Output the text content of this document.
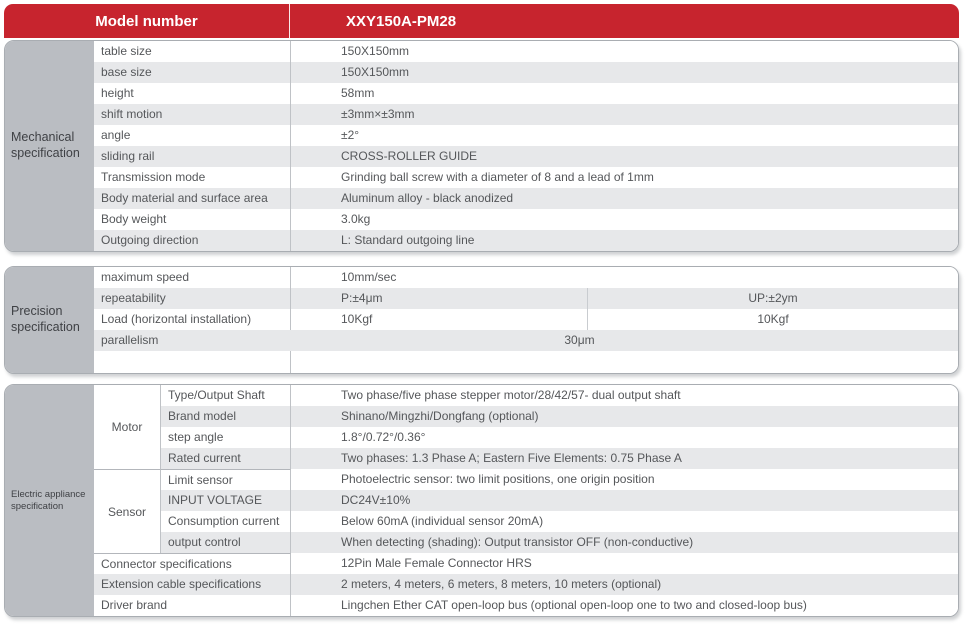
Model number	XXY150A-PM28
Mechanical specification
table size	150X150mm
base size	150X150mm
height	58mm
shift motion	±3mm×±3mm
angle	±2°
sliding rail	CROSS-ROLLER GUIDE
Transmission mode	Grinding ball screw with a diameter of 8 and a lead of 1mm
Body material and surface area	Aluminum alloy - black anodized
Body weight	3.0kg
Outgoing direction	L: Standard outgoing line
Precision specification
maximum speed	10mm/sec
repeatability	P:±4μm	UP:±2ym
Load (horizontal installation)	10Kgf	10Kgf
parallelism	30μm
Electric appliance specification
Motor
Type/Output Shaft	Two phase/five phase stepper motor/28/42/57- dual output shaft
Brand model	Shinano/Mingzhi/Dongfang (optional)
step angle	1.8°/0.72°/0.36°
Rated current	Two phases: 1.3 Phase A; Eastern Five Elements: 0.75 Phase A
Sensor
Limit sensor	Photoelectric sensor: two limit positions, one origin position
INPUT VOLTAGE	DC24V±10%
Consumption current	Below 60mA (individual sensor 20mA)
output control	When detecting (shading): Output transistor OFF (non-conductive)
Connector specifications	12Pin Male Female Connector HRS
Extension cable specifications	2 meters, 4 meters, 6 meters, 8 meters, 10 meters (optional)
Driver brand	Lingchen Ether CAT open-loop bus (optional open-loop one to two and closed-loop bus)
